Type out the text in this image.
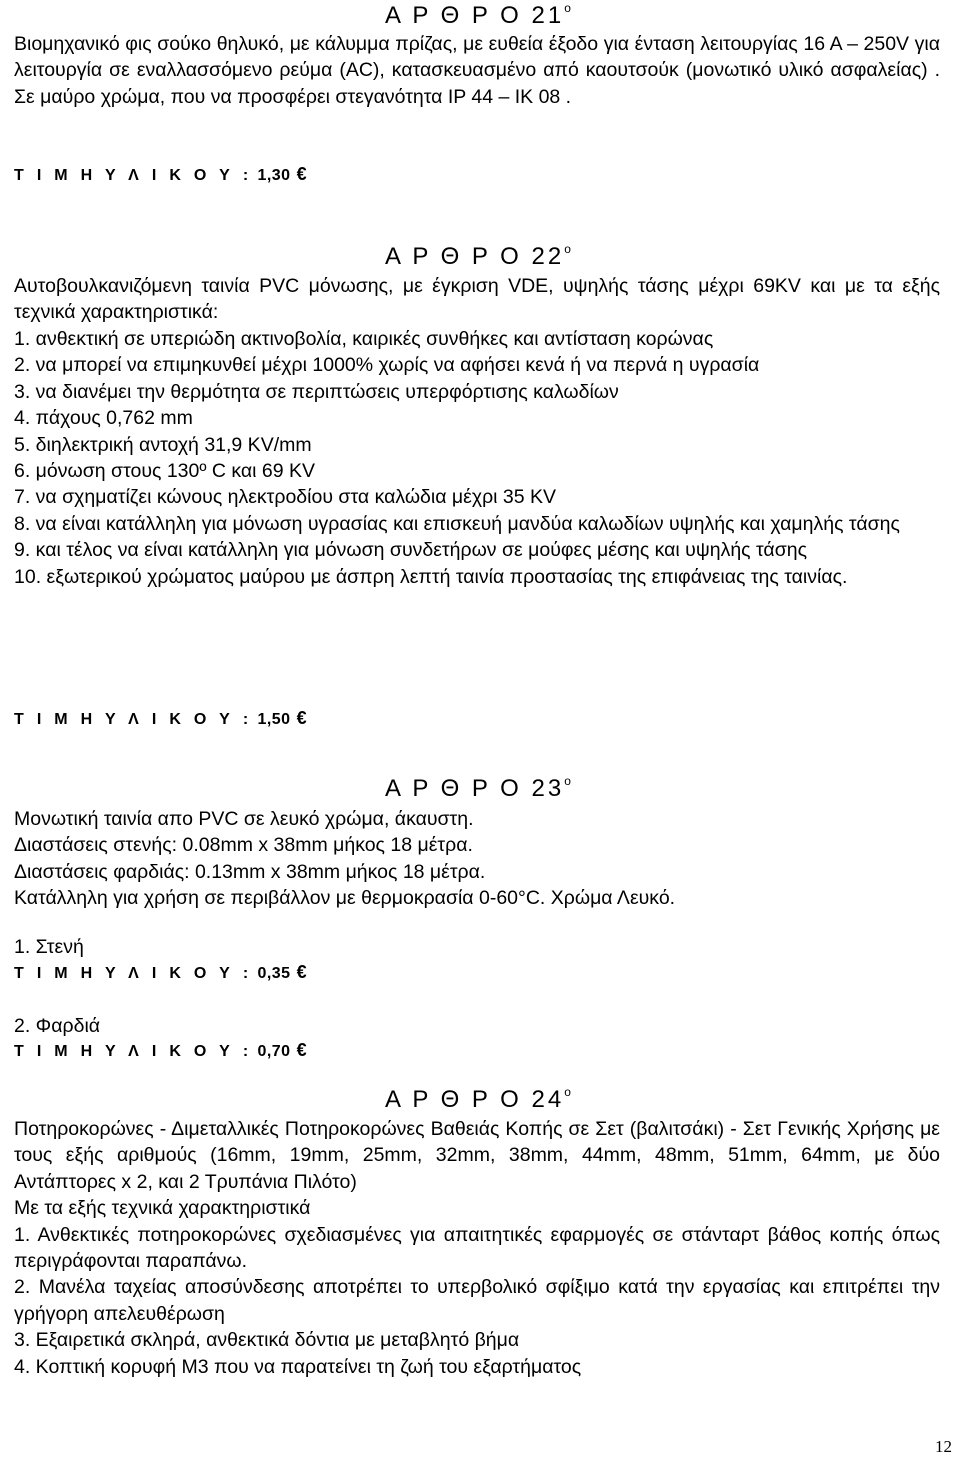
Α Ρ Θ Ρ Ο $21^o$
Βιομηχανικό φις σούκο θηλυκό, με κάλυμμα πρίζας, με ευθεία έξοδο για ένταση λειτουργίας 16 Α – 250V για λειτουργία σε εναλλασσόμενο ρεύμα (AC), κατασκευασμένο από καουτσούκ (μονωτικό υλικό ασφαλείας) . Σε μαύρο χρώμα, που να προσφέρει στεγανότητα IP 44 – ΙΚ 08 .
Τ Ι Μ Η Υ Λ Ι Κ Ο Υ : 1,30 €
Α Ρ Θ Ρ Ο $22^o$
Αυτοβουλκανιζόμενη ταινία PVC μόνωσης, με έγκριση VDE, υψηλής τάσης μέχρι 69KV και με τα εξής τεχνικά χαρακτηριστικά:

1. ανθεκτική σε υπεριώδη ακτινοβολία, καιρικές συνθήκες και αντίσταση κορώνας

2. να μπορεί να επιμηκυνθεί μέχρι 1000% χωρίς να αφήσει κενά ή να περνά η υγρασία

3. να διανέμει την θερμότητα σε περιπτώσεις υπερφόρτισης καλωδίων

4. πάχους 0,762 mm

5. διηλεκτρική αντοχή 31,9 KV/mm

6. μόνωση στους 130º C και 69 KV

7. να σχηματίζει κώνους ηλεκτροδίου στα καλώδια μέχρι 35 KV

8. να είναι κατάλληλη για μόνωση υγρασίας και επισκευή μανδύα καλωδίων υψηλής και χαμηλής τάσης

9. και τέλος να είναι κατάλληλη για μόνωση συνδετήρων σε μούφες μέσης και υψηλής τάσης

10. εξωτερικού χρώματος μαύρου με άσπρη λεπτή ταινία προστασίας της επιφάνειας της ταινίας.

Τ Ι Μ Η Υ Λ Ι Κ Ο Υ : 1,50 €
Α Ρ Θ Ρ Ο $23^o$

Μονωτική ταινία απο PVC σε λευκό χρώμα, άκαυστη.

Διαστάσεις στενής: 0.08mm x 38mm μήκος 18 μέτρα.

Διαστάσεις φαρδιάς: 0.13mm x 38mm μήκος 18 μέτρα.

Κατάλληλη για χρήση σε περιβάλλον με θερμοκρασία 0-60°C. Χρώμα Λευκό.

1. Στενή
Τ Ι Μ Η Υ Λ Ι Κ Ο Υ : 0,35 €
2. Φαρδιά
Τ Ι Μ Η Υ Λ Ι Κ Ο Υ : 0,70 €
Α Ρ Θ Ρ Ο $24^o$

Ποτηροκορώνες - Διμεταλλικές Ποτηροκορώνες Βαθειάς Κοπής σε Σετ (βαλιτσάκι) - Σετ Γενικής Χρήσης με τους εξής αριθμούς (16mm, 19mm, 25mm, 32mm, 38mm, 44mm, 48mm, 51mm, 64mm, με δύο Αντάπτορες x 2, και 2 Τρυπάνια Πιλότο)

Με τα εξής τεχνικά χαρακτηριστικά

1. Ανθεκτικές ποτηροκορώνες σχεδιασμένες για απαιτητικές εφαρμογές σε στάνταρτ βάθος κοπής όπως περιγράφονται παραπάνω.

2. Μανέλα ταχείας αποσύνδεσης αποτρέπει το υπερβολικό σφίξιμο κατά την εργασίας και επιτρέπει την γρήγορη απελευθέρωση

3. Εξαιρετικά σκληρά, ανθεκτικά δόντια με μεταβλητό βήμα

4. Κοπτική κορυφή Μ3 που να παρατείνει τη ζωή του εξαρτήματος

12
